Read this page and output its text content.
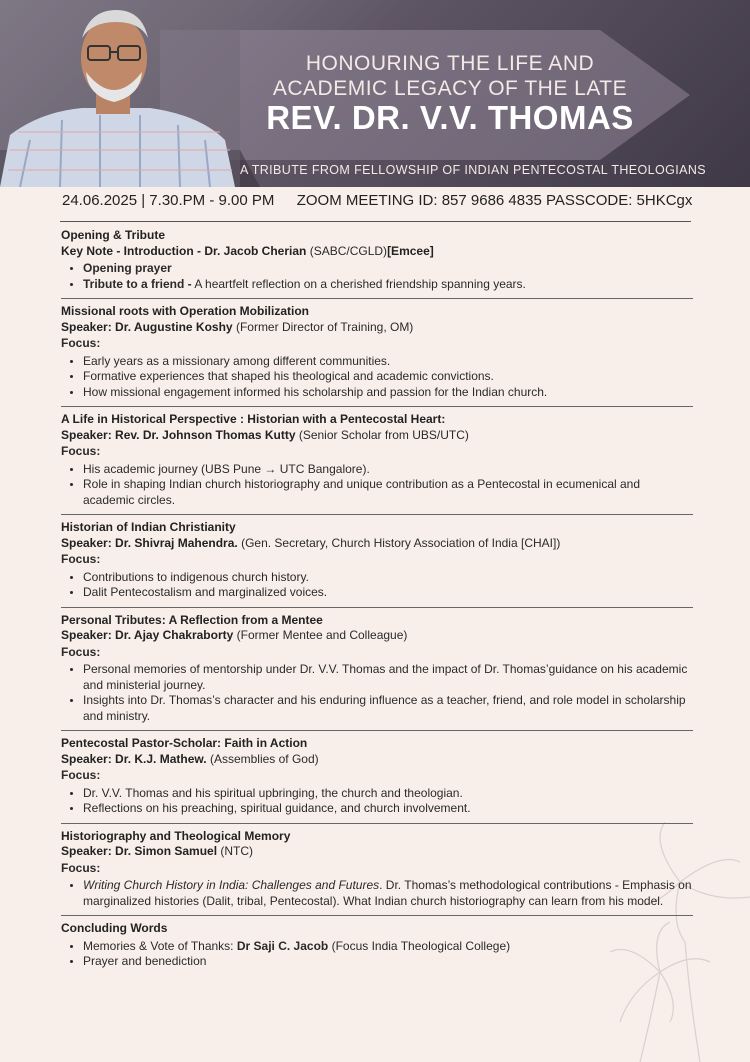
HONOURING THE LIFE AND
ACADEMIC LEGACY OF THE LATE
REV. DR. V.V. THOMAS
A TRIBUTE FROM FELLOWSHIP OF INDIAN PENTECOSTAL THEOLOGIANS
24.06.2025 | 7.30.PM - 9.00 PM ZOOM MEETING ID: 857 9686 4835 PASSCODE: 5HKCgx
Opening & Tribute
Key Note - Introduction - Dr. Jacob Cherian (SABC/CGLD)[Emcee]
• Opening prayer
• Tribute to a friend - A heartfelt reflection on a cherished friendship spanning years.
Missional roots with Operation Mobilization
Speaker: Dr. Augustine Koshy (Former Director of Training, OM)
Focus:
• Early years as a missionary among different communities.
• Formative experiences that shaped his theological and academic convictions.
• How missional engagement informed his scholarship and passion for the Indian church.
A Life in Historical Perspective : Historian with a Pentecostal Heart:
Speaker: Rev. Dr. Johnson Thomas Kutty (Senior Scholar from UBS/UTC)
Focus:
• His academic journey (UBS Pune → UTC Bangalore).
• Role in shaping Indian church historiography and unique contribution as a Pentecostal in ecumenical and academic circles.
Historian of Indian Christianity
Speaker: Dr. Shivraj Mahendra. (Gen. Secretary, Church History Association of India [CHAI])
Focus:
• Contributions to indigenous church history.
• Dalit Pentecostalism and marginalized voices.
Personal Tributes: A Reflection from a Mentee
Speaker: Dr. Ajay Chakraborty (Former Mentee and Colleague)
Focus:
• Personal memories of mentorship under Dr. V.V. Thomas and the impact of Dr. Thomas’guidance on his academic and ministerial journey.
• Insights into Dr. Thomas’s character and his enduring influence as a teacher, friend, and role model in scholarship and ministry.
Pentecostal Pastor-Scholar: Faith in Action
Speaker: Dr. K.J. Mathew. (Assemblies of God)
Focus:
• Dr. V.V. Thomas and his spiritual upbringing, the church and theologian.
• Reflections on his preaching, spiritual guidance, and church involvement.
Historiography and Theological Memory
Speaker: Dr. Simon Samuel (NTC)
Focus:
• Writing Church History in India: Challenges and Futures. Dr. Thomas’s methodological contributions - Emphasis on marginalized histories (Dalit, tribal, Pentecostal). What Indian church historiography can learn from his model.
Concluding Words
• Memories & Vote of Thanks: Dr Saji C. Jacob (Focus India Theological College)
• Prayer and benediction
